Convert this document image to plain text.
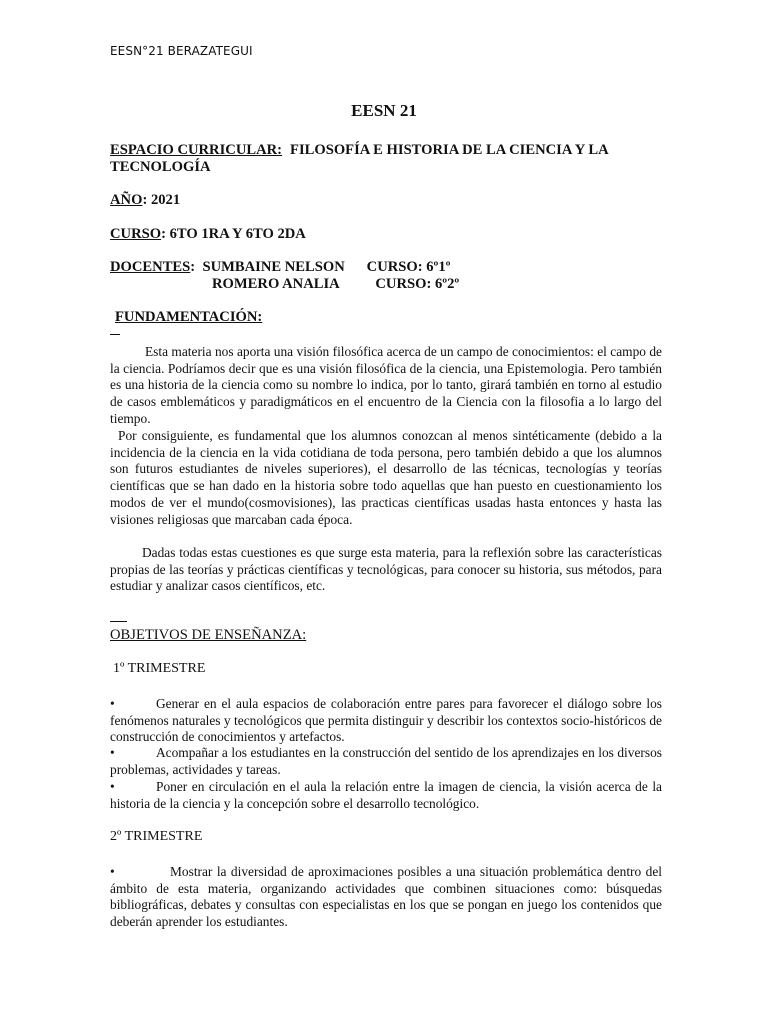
EESN°21 BERAZATEGUI
EESN 21
ESPACIO CURRICULAR: FILOSOFÍA E HISTORIA DE LA CIENCIA Y LA TECNOLOGÍA
AÑO: 2021
CURSO: 6TO 1RA Y 6TO 2DA
DOCENTES:  SUMBAINE NELSON      CURSO: 6º1º
ROMERO ANALIA          CURSO: 6º2º
FUNDAMENTACIÓN:
Esta materia nos aporta una visión filosófica acerca de un campo de conocimientos: el campo de la ciencia. Podríamos decir que es una visión filosófica de la ciencia, una Epistemologia. Pero también es una historia de la ciencia como su nombre lo indica, por lo tanto, girará también en torno al estudio de casos emblemáticos y paradigmáticos en el encuentro de la Ciencia con la filosofia a lo largo del tiempo.
Por consiguiente, es fundamental que los alumnos conozcan al menos sintéticamente (debido a la incidencia de la ciencia en la vida cotidiana de toda persona, pero también debido a que los alumnos son futuros estudiantes de niveles superiores), el desarrollo de las técnicas, tecnologías y teorías científicas que se han dado en la historia sobre todo aquellas que han puesto en cuestionamiento los modos de ver el mundo(cosmovisiones), las practicas científicas usadas hasta entonces y hasta las visiones religiosas que marcaban cada época.
Dadas todas estas cuestiones es que surge esta materia, para la reflexión sobre las características propias de las teorías y prácticas científicas y tecnológicas, para conocer su historia, sus métodos, para estudiar y analizar casos científicos, etc.
OBJETIVOS DE ENSEÑANZA:
1º TRIMESTRE
•	Generar en el aula espacios de colaboración entre pares para favorecer el diálogo sobre los fenómenos naturales y tecnológicos que permita distinguir y describir los contextos socio-históricos de construcción de conocimientos y artefactos.
•	Acompañar a los estudiantes en la construcción del sentido de los aprendizajes en los diversos problemas, actividades y tareas.
•	Poner en circulación en el aula la relación entre la imagen de ciencia, la visión acerca de la historia de la ciencia y la concepción sobre el desarrollo tecnológico.
2º TRIMESTRE
•	Mostrar la diversidad de aproximaciones posibles a una situación problemática dentro del ámbito de esta materia, organizando actividades que combinen situaciones como: búsquedas bibliográficas, debates y consultas con especialistas en los que se pongan en juego los contenidos que deberán aprender los estudiantes.
